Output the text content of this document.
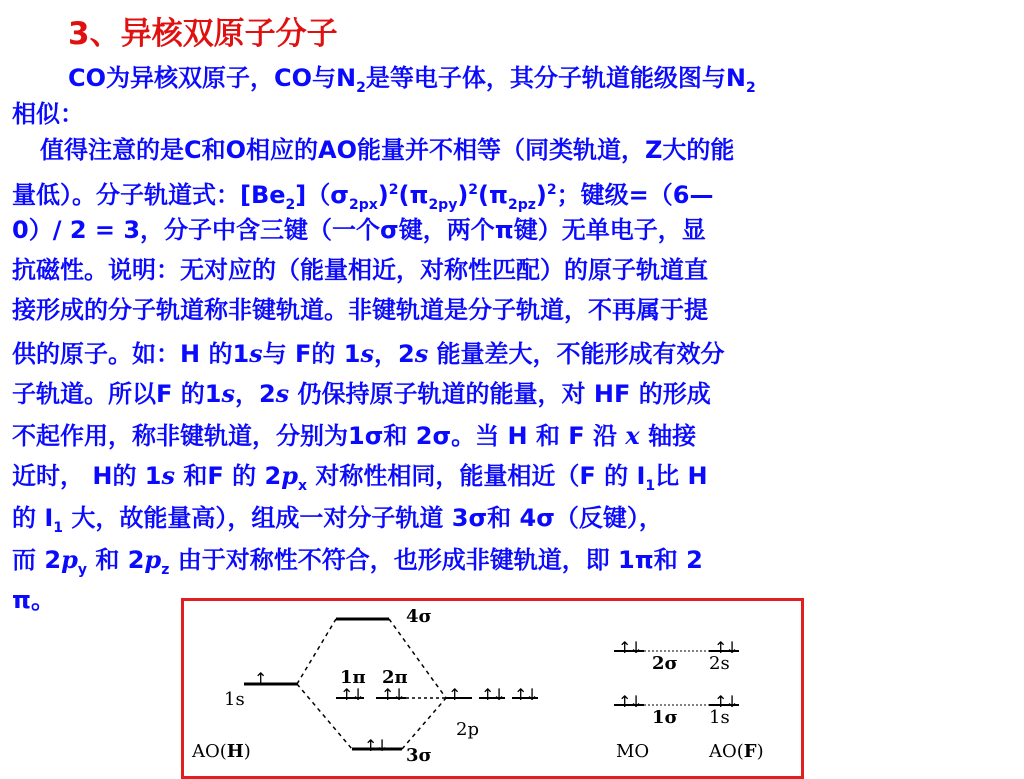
3、异核双原子分子
CO为异核双原子，CO与$N_2$是等电子体，其分子轨道能级图与$N_2$
相似：
值得注意的是C和O相应的AO能量并不相等（同类轨道，Z大的能
量低）。分子轨道式：$[Be_2](\sigma_{2px})^2(\pi_{2py})^2(\pi_{2pz})^2$；键级=（6—
0）/ 2 = 3，分子中含三键（一个σ键，两个π键）无单电子，显
抗磁性。说明：无对应的（能量相近，对称性匹配）的原子轨道直
接形成的分子轨道称非键轨道。非键轨道是分子轨道，不再属于提
供的原子。如：H 的1s与 F的 1s，2s 能量差大，不能形成有效分
子轨道。所以F 的1s，2s 仍保持原子轨道的能量，对 HF 的形成
不起作用，称非键轨道，分别为1σ和 2σ。当 H 和 F 沿 x 轴接
近时， H的 1s 和F 的 $2p_x$ 对称性相同，能量相近（F 的 $I_1$比 H
的 $I_1$ 大，故能量高），组成一对分子轨道 3σ和 4σ（反键），
而 $2p_y$ 和 $2p_z$ 由于对称性不符合，也形成非键轨道，即 1π和 2
π。
↑
↑↓ ↑↓	↑ ↑↓ ↑↓
↑↓
↑↓	↑↓
↑↓	↑↓
4σ
1s
1π 2π
2p
3σ
AO(H)
2σ 2s
1σ 1s
MO	AO(F)
